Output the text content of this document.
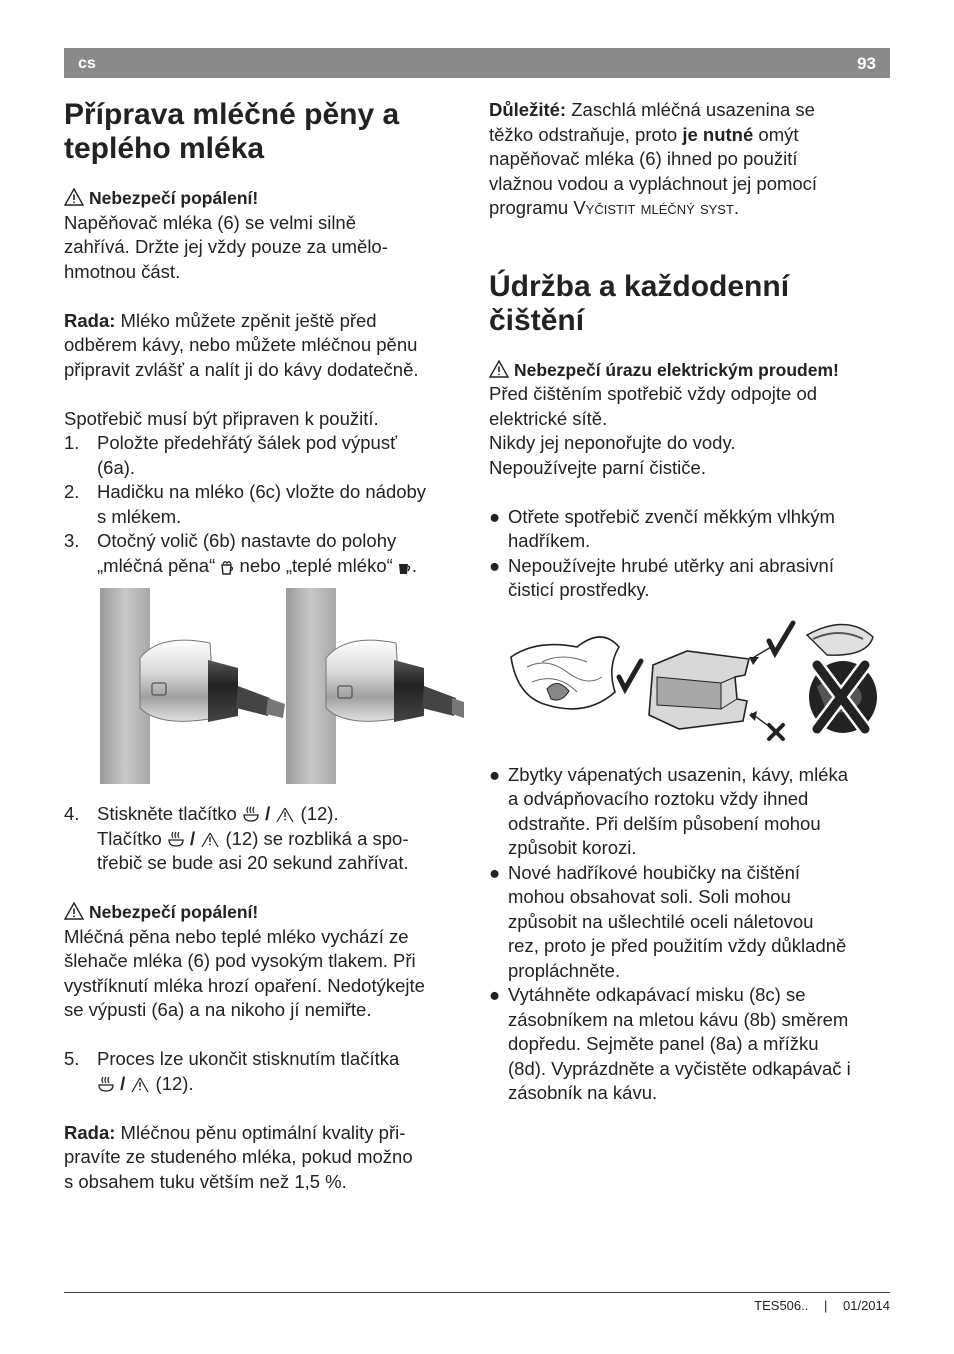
cs	93
Příprava mléčné pěny a teplého mléka

Nebezpečí popálení!

Napěňovač mléka (6) se velmi silně

zahřívá. Držte jej vždy pouze za umělo-

hmotnou část.

Rada: Mléko můžete zpěnit ještě před

odběrem kávy, nebo můžete mléčnou pěnu

připravit zvlášť a nalít ji do kávy dodatečně.

Spotřebič musí být připraven k použití.

1. Položte předehřátý šálek pod výpusť
(6a).
2. Hadičku na mléko (6c) vložte do nádoby
s mlékem.
3. Otočný volič (6b) nastavte do polohy
„mléčná pěna“  nebo „teplé mléko“ .
4. Stiskněte tlačítko  /  (12).
Tlačítko  /  (12) se rozbliká a spo-
třebič se bude asi 20 sekund zahřívat.

Nebezpečí popálení!

Mléčná pěna nebo teplé mléko vychází ze

šlehače mléka (6) pod vysokým tlakem. Při

vystříknutí mléka hrozí opaření. Nedotýkejte

se výpusti (6a) a na nikoho jí nemiřte.

5. Proces lze ukončit stisknutím tlačítka
/  (12).

Rada: Mléčnou pěnu optimální kvality při-

pravíte ze studeného mléka, pokud možno

s obsahem tuku větším než 1,5 %.

Důležité: Zaschlá mléčná usazenina se

těžko odstraňuje, proto je nutné omýt

napěňovač mléka (6) ihned po použití

vlažnou vodou a vypláchnout jej pomocí

programu Vyčistit mléčný syst.

Údržba a každodenní čištění

Nebezpečí úrazu elektrickým proudem!

Před čištěním spotřebič vždy odpojte od

elektrické sítě.

Nikdy jej neponořujte do vody.

Nepoužívejte parní čističe.

● Otřete spotřebič zvenčí měkkým vlhkým
hadříkem.
● Nepoužívejte hrubé utěrky ani abrasivní
čisticí prostředky.
● Zbytky vápenatých usazenin, kávy, mléka
a odvápňovacího roztoku vždy ihned
odstraňte. Při delším působení mohou
způsobit korozi.
● Nové hadříkové houbičky na čištění
mohou obsahovat soli. Soli mohou
způsobit na ušlechtilé oceli náletovou
rez, proto je před použitím vždy důkladně
propláchněte.
● Vytáhněte odkapávací misku (8c) se
zásobníkem na mletou kávu (8b) směrem
dopředu. Sejměte panel (8a) a mřížku
(8d). Vyprázdněte a vyčistěte odkapávač i
zásobník na kávu.
TES506.. | 01/2014
